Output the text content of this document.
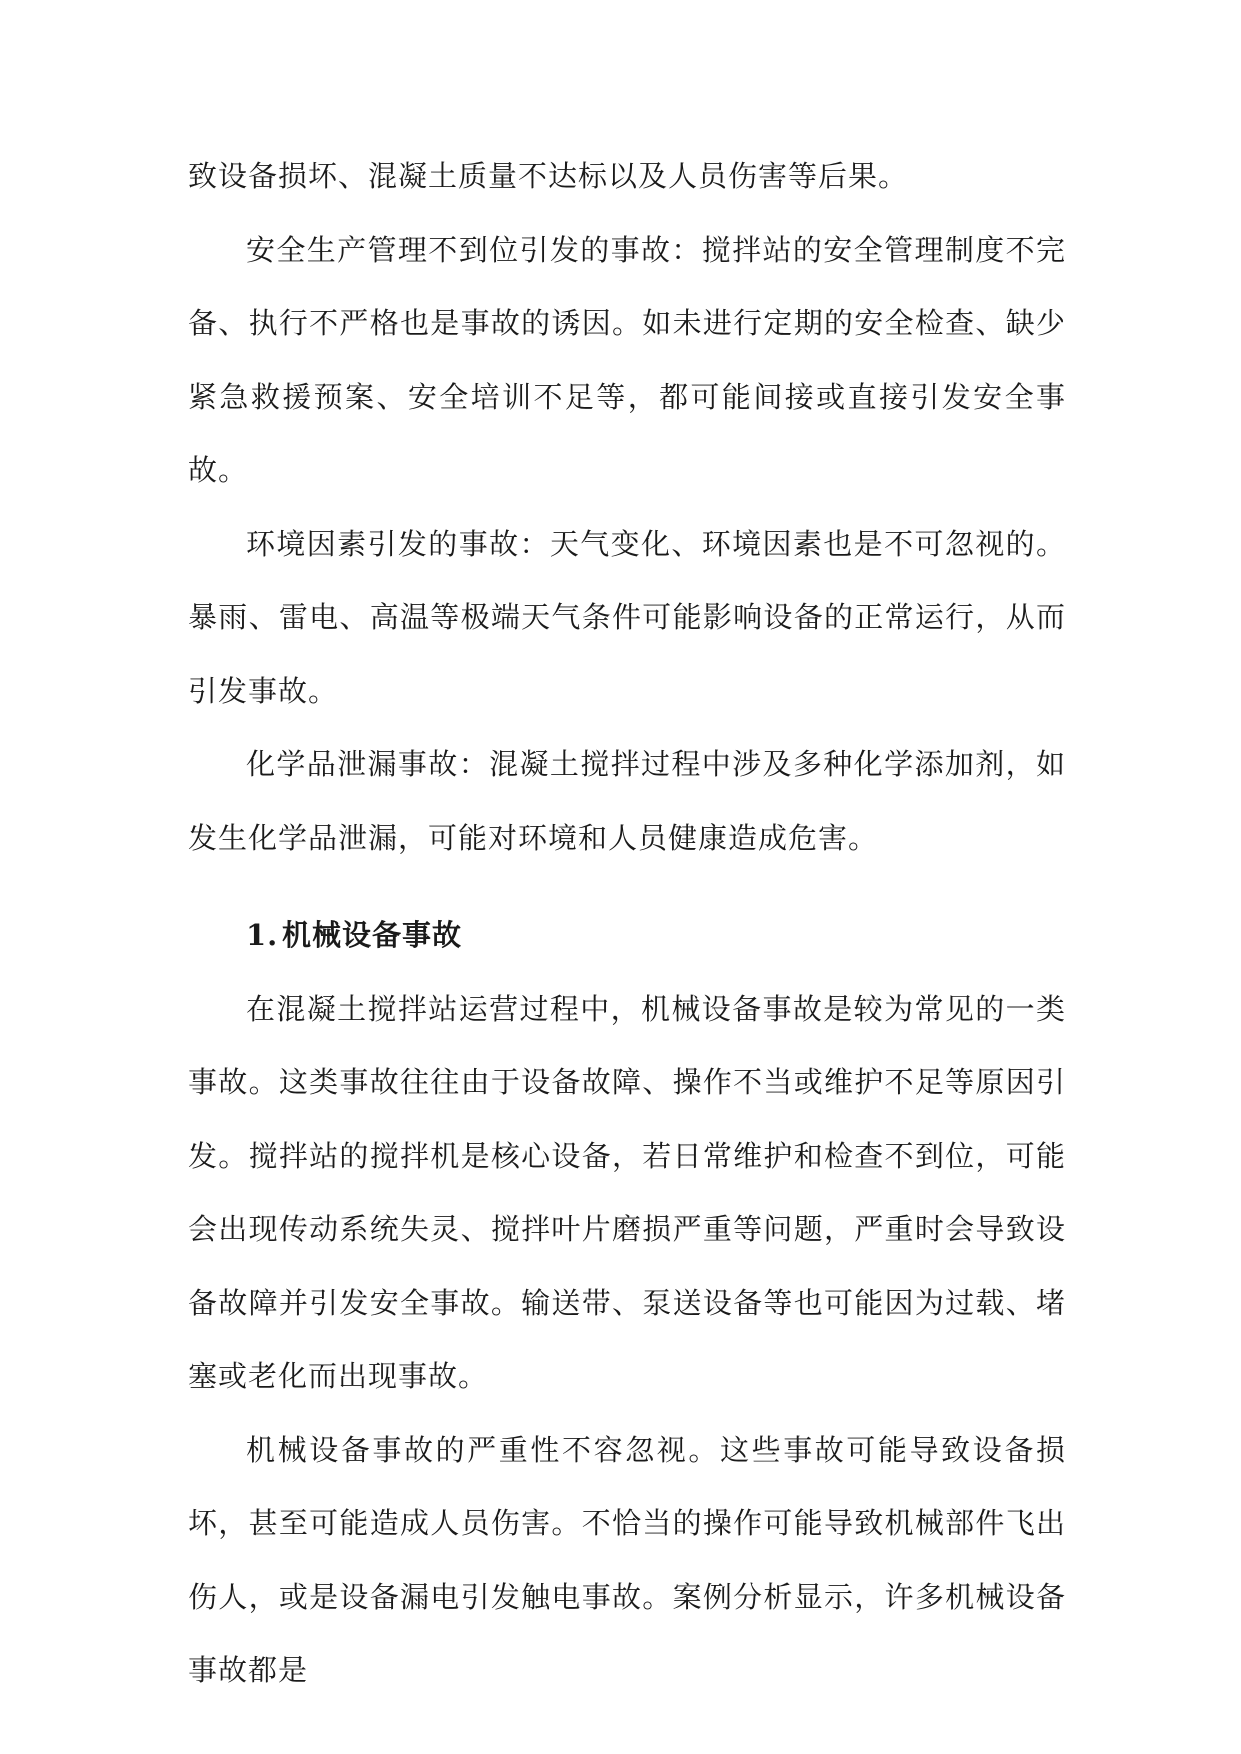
致设备损坏、混凝土质量不达标以及人员伤害等后果。

安全生产管理不到位引发的事故：搅拌站的安全管理制度不完备、执行不严格也是事故的诱因。如未进行定期的安全检查、缺少紧急救援预案、安全培训不足等，都可能间接或直接引发安全事故。

环境因素引发的事故：天气变化、环境因素也是不可忽视的。暴雨、雷电、高温等极端天气条件可能影响设备的正常运行，从而引发事故。

化学品泄漏事故：混凝土搅拌过程中涉及多种化学添加剂，如发生化学品泄漏，可能对环境和人员健康造成危害。

1. 机械设备事故

在混凝土搅拌站运营过程中，机械设备事故是较为常见的一类事故。这类事故往往由于设备故障、操作不当或维护不足等原因引发。搅拌站的搅拌机是核心设备，若日常维护和检查不到位，可能会出现传动系统失灵、搅拌叶片磨损严重等问题，严重时会导致设备故障并引发安全事故。输送带、泵送设备等也可能因为过载、堵塞或老化而出现事故。

机械设备事故的严重性不容忽视。这些事故可能导致设备损坏，甚至可能造成人员伤害。不恰当的操作可能导致机械部件飞出伤人，或是设备漏电引发触电事故。案例分析显示，许多机械设备事故都是
